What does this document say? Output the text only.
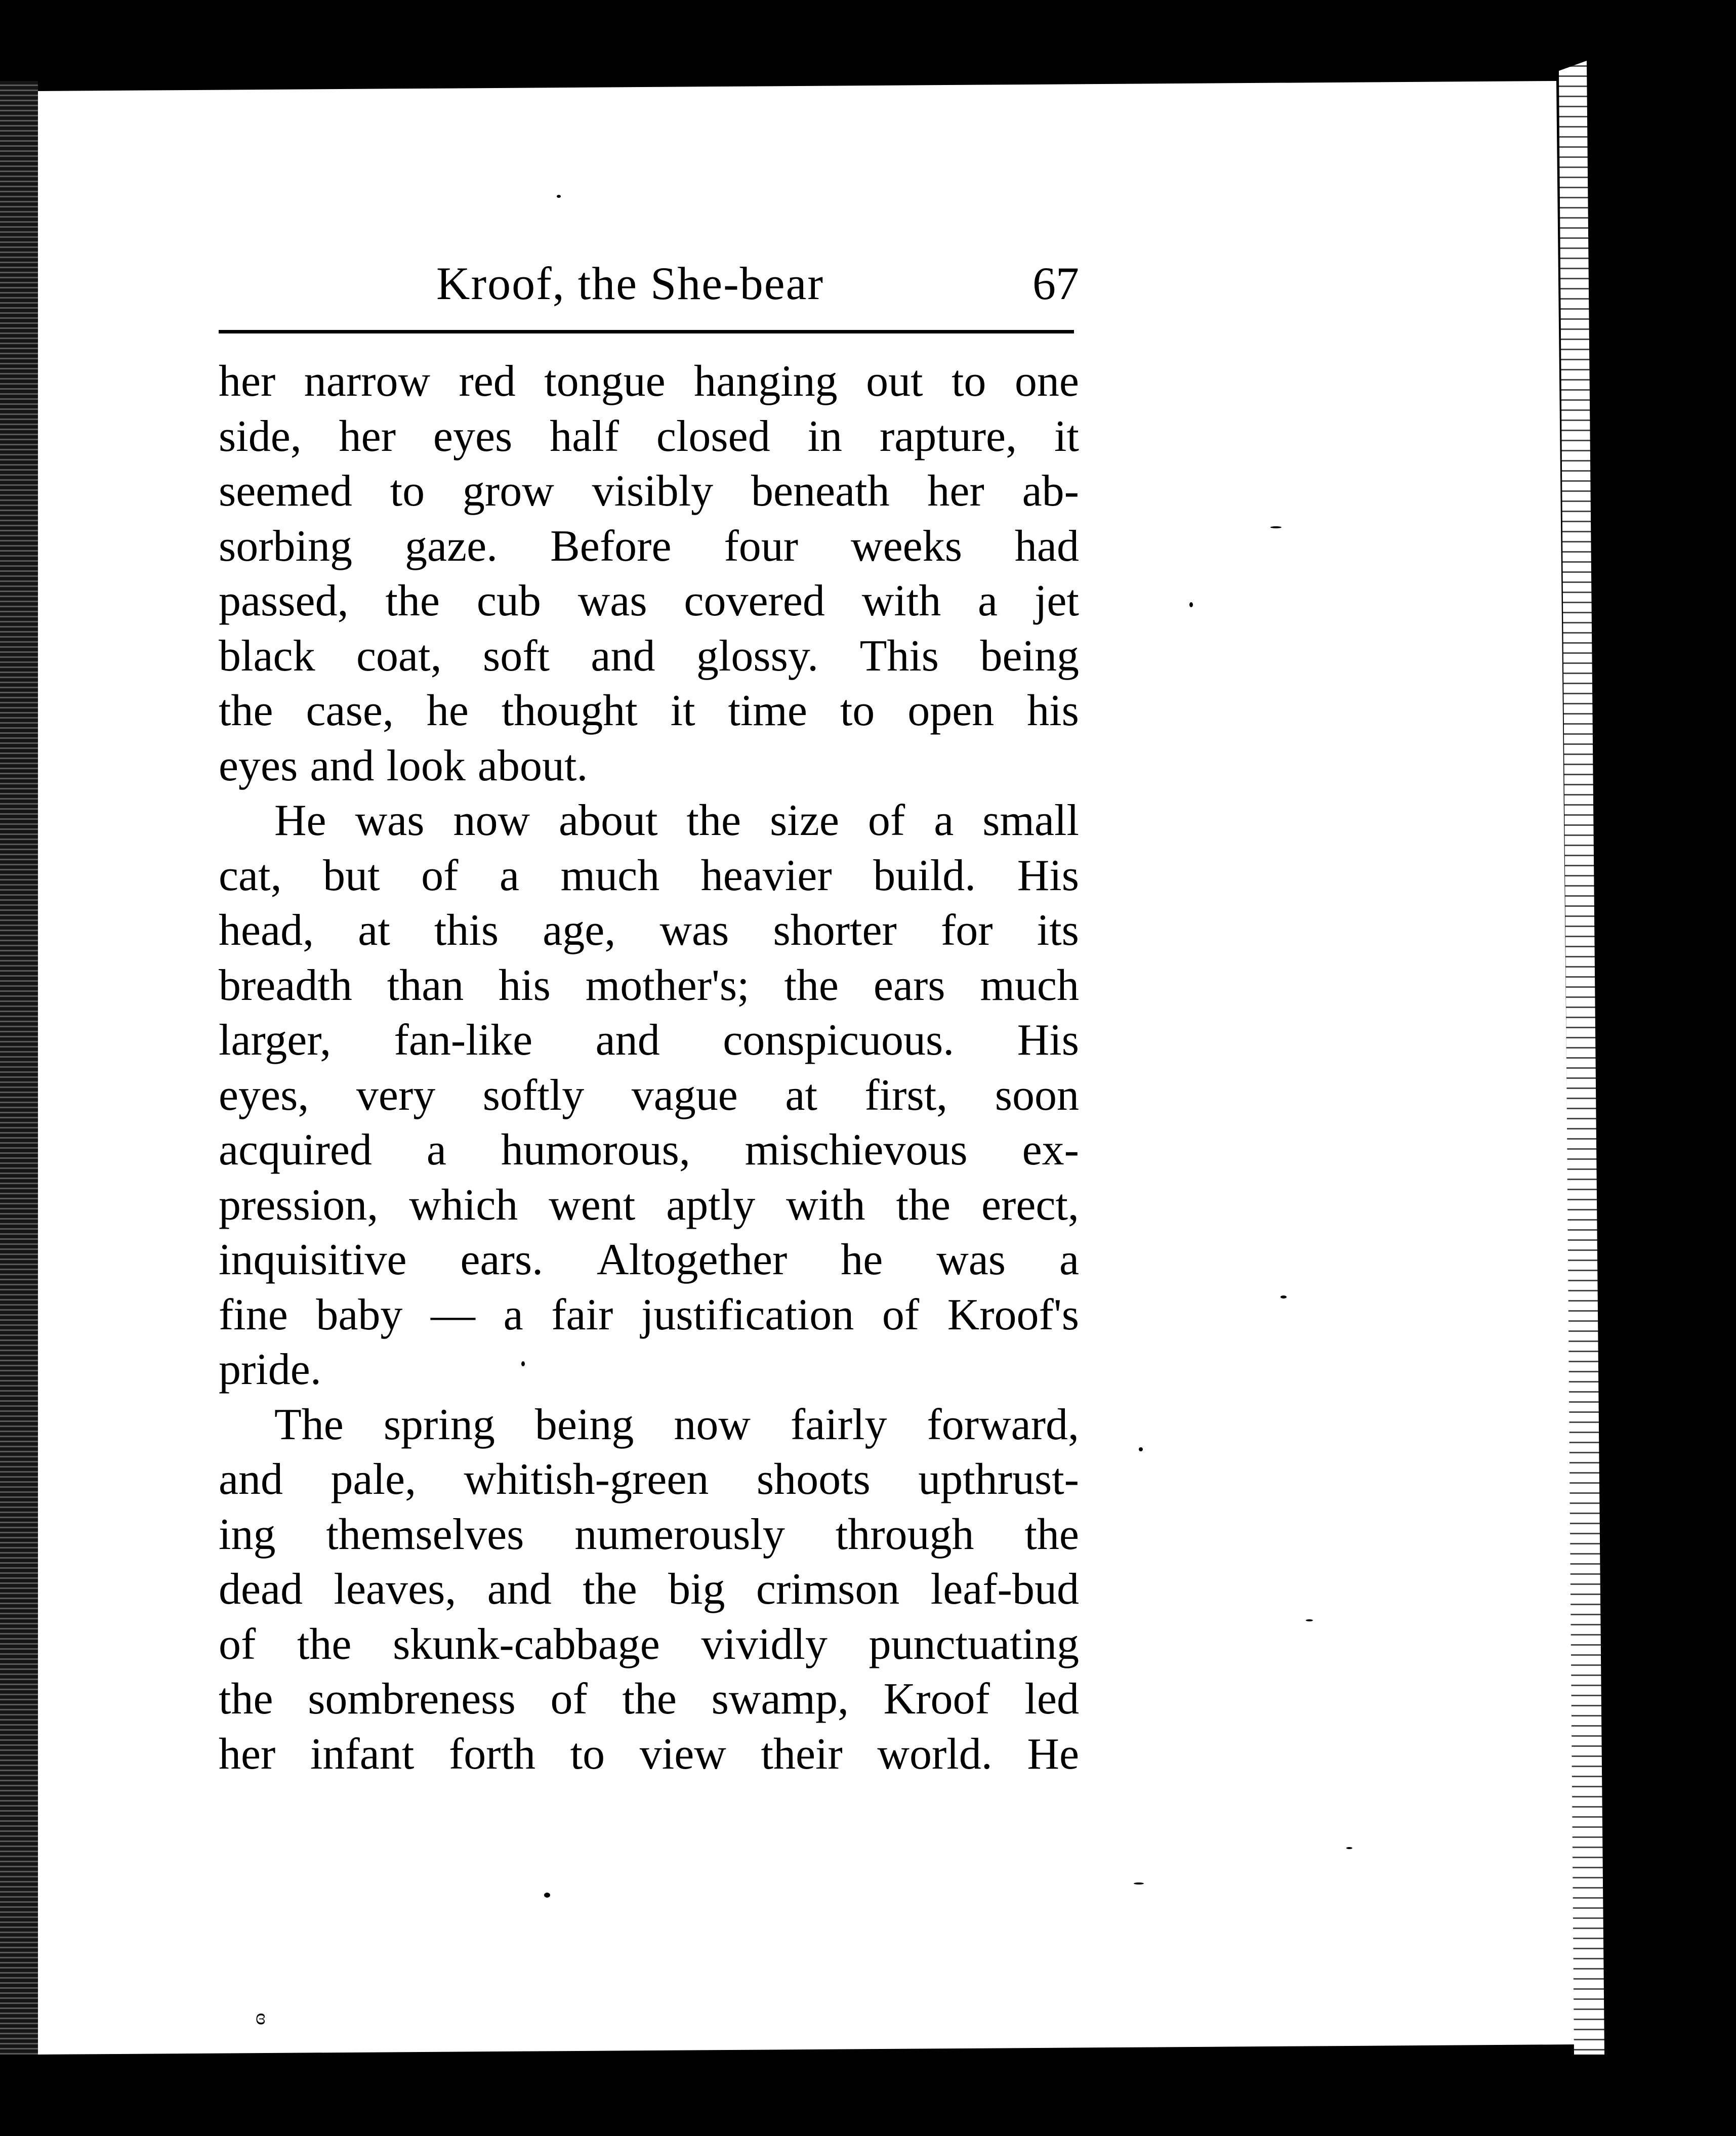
Kroof, the She-bear	67
her narrow red tongue hanging out to one
side, her eyes half closed in rapture, it
seemed to grow visibly beneath her ab-
sorbing gaze. Before four weeks had
passed, the cub was covered with a jet
black coat, soft and glossy. This being
the case, he thought it time to open his
eyes and look about.
He was now about the size of a small
cat, but of a much heavier build. His
head, at this age, was shorter for its
breadth than his mother's; the ears much
larger, fan-like and conspicuous. His
eyes, very softly vague at first, soon
acquired a humorous, mischievous ex-
pression, which went aptly with the erect,
inquisitive ears. Altogether he was a
fine baby — a fair justification of Kroof's
pride.
The spring being now fairly forward,
and pale, whitish-green shoots upthrust-
ing themselves numerously through the
dead leaves, and the big crimson leaf-bud
of the skunk-cabbage vividly punctuating
the sombreness of the swamp, Kroof led
her infant forth to view their world. He
ɞ
